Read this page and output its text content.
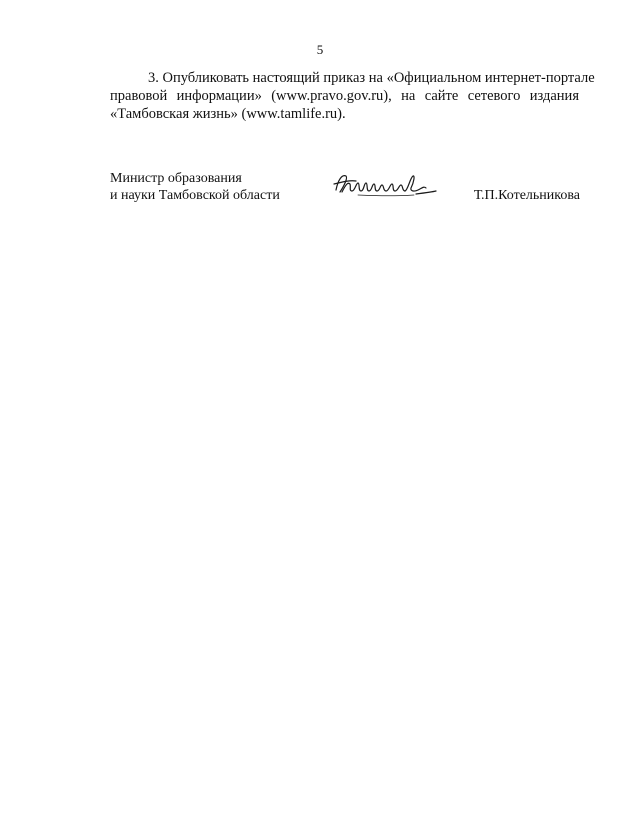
5
3. Опубликовать настоящий приказ на «Официальном интернет-портале
правовой информации» (www.pravo.gov.ru), на сайте сетевого издания
«Тамбовская жизнь» (www.tamlife.ru).
Министр образования
и науки Тамбовской области	Т.П.Котельникова
